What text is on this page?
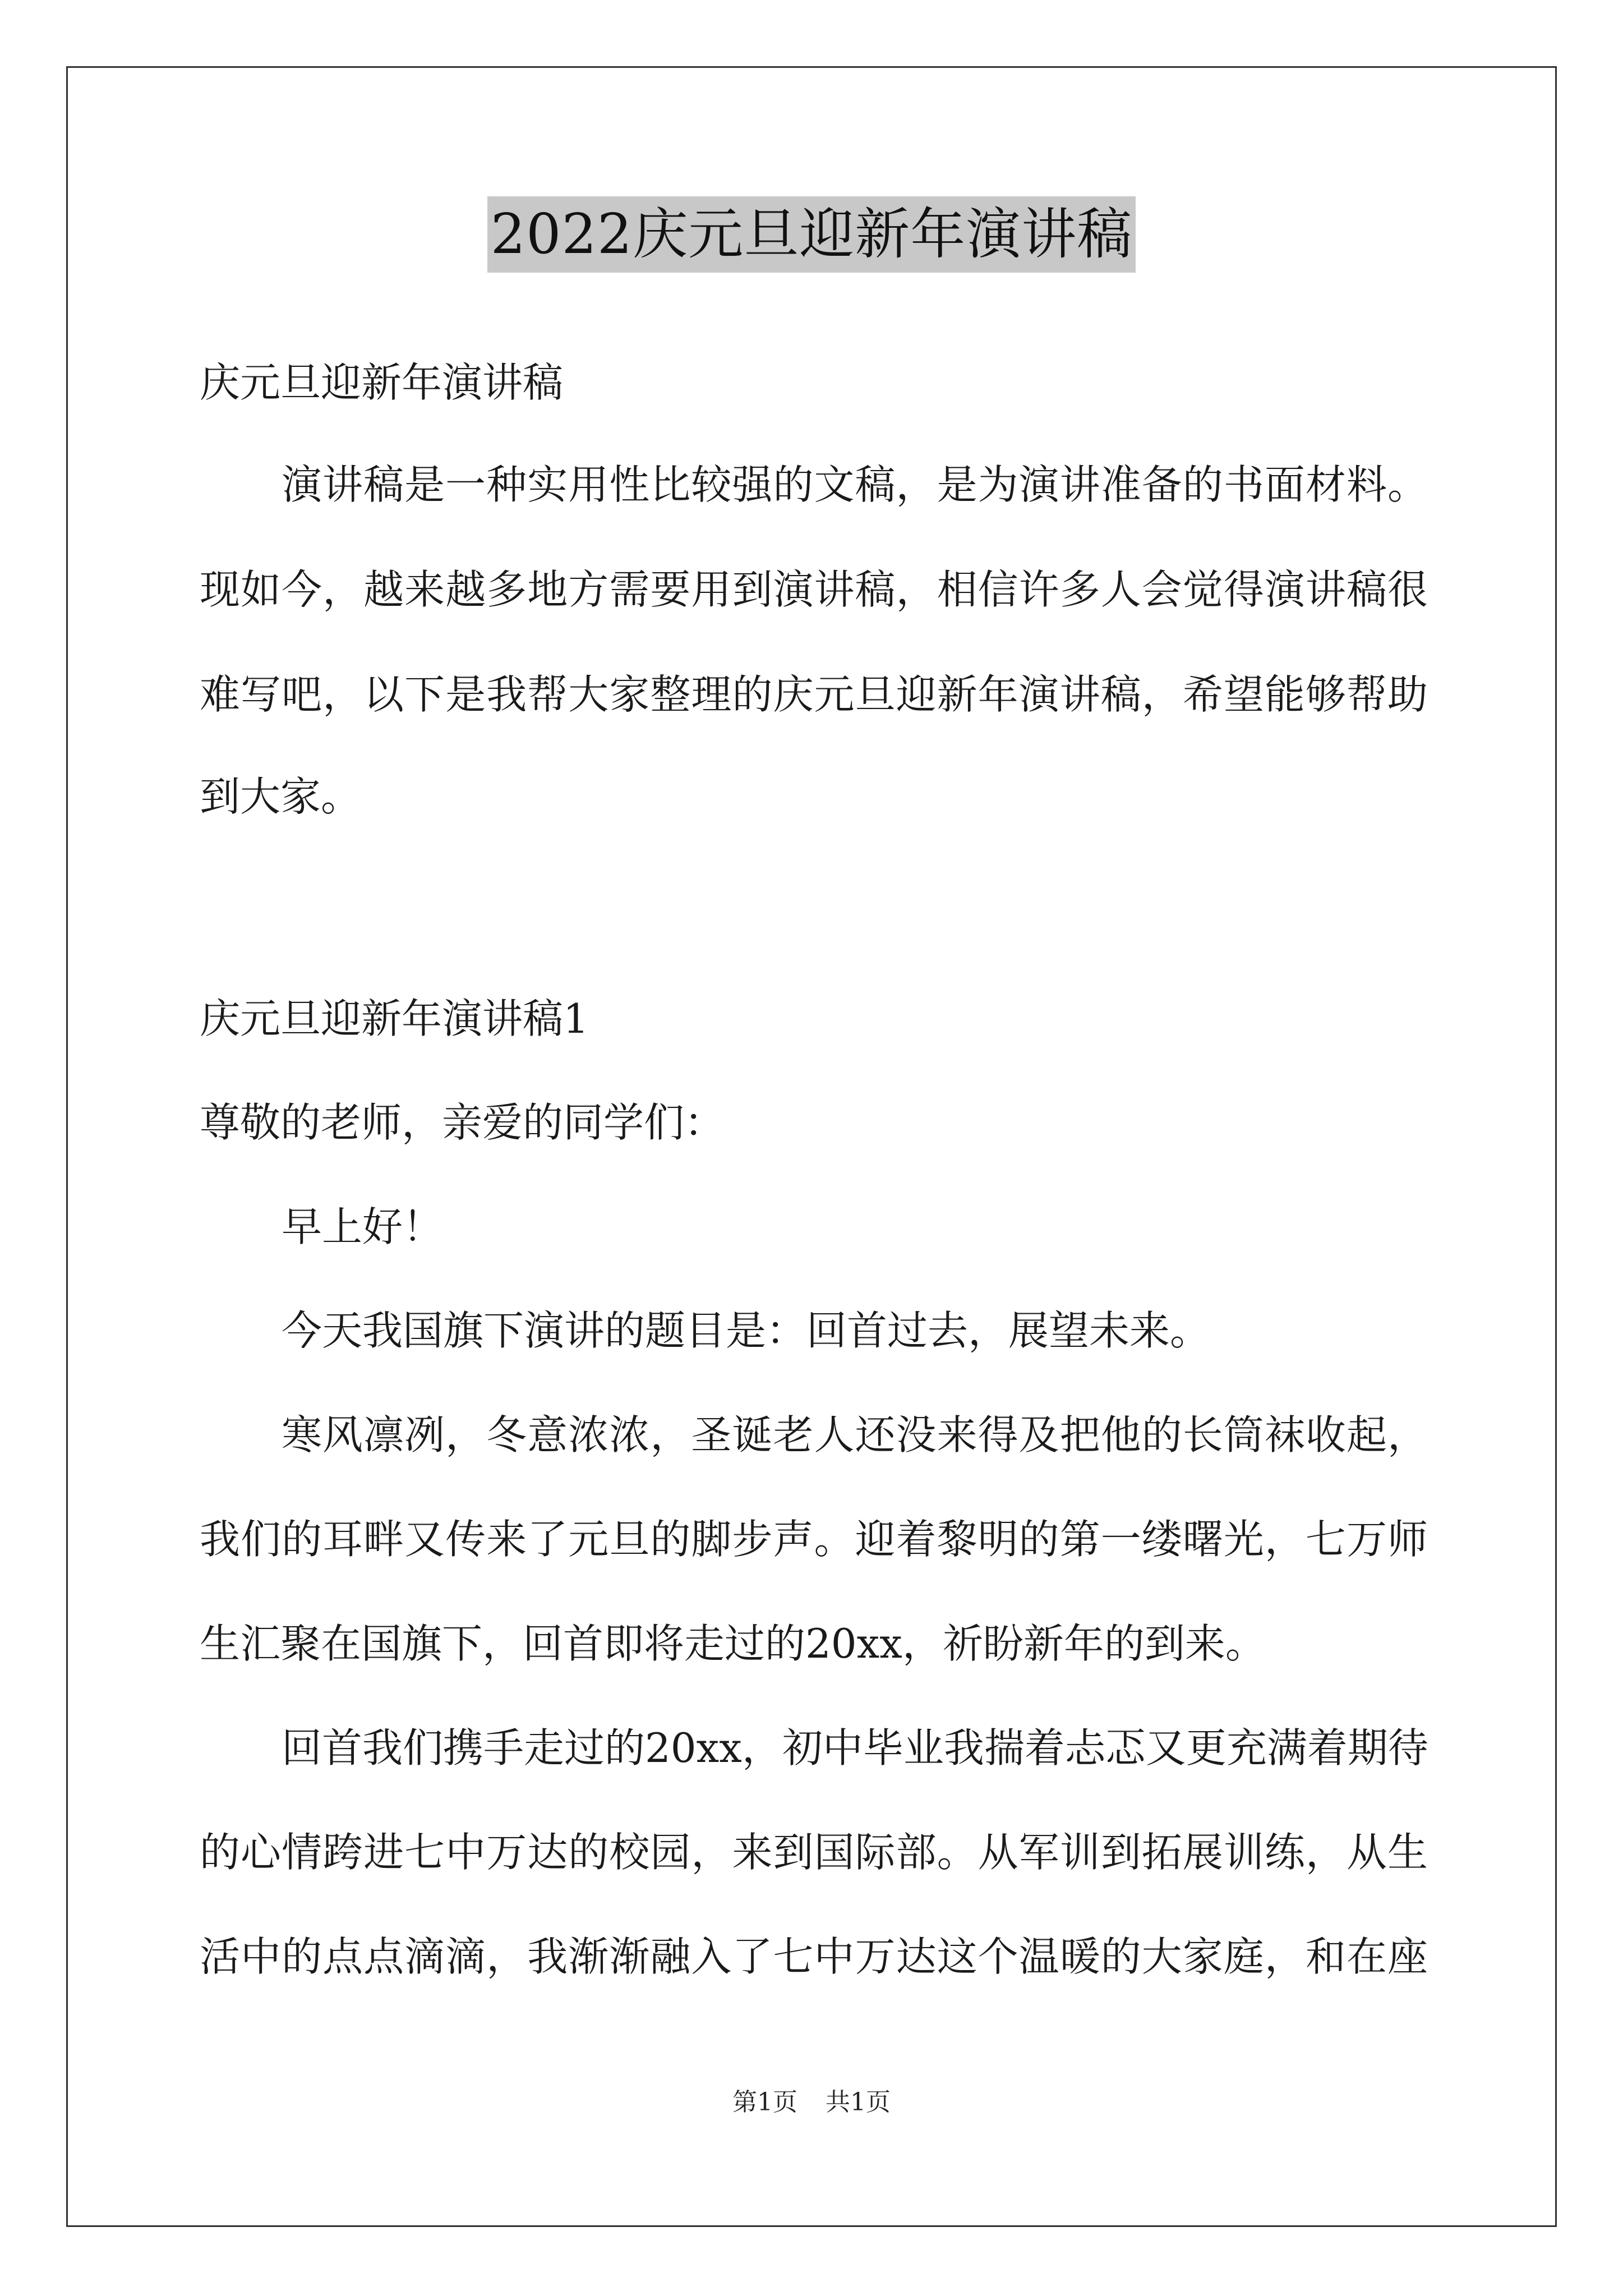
2022庆元旦迎新年演讲稿
庆元旦迎新年演讲稿
演讲稿是一种实用性比较强的文稿，是为演讲准备的书面材料。
现如今，越来越多地方需要用到演讲稿，相信许多人会觉得演讲稿很
难写吧，以下是我帮大家整理的庆元旦迎新年演讲稿，希望能够帮助
到大家。
庆元旦迎新年演讲稿1
尊敬的老师，亲爱的同学们：
早上好！
今天我国旗下演讲的题目是：回首过去，展望未来。
寒风凛冽，冬意浓浓，圣诞老人还没来得及把他的长筒袜收起，
我们的耳畔又传来了元旦的脚步声。迎着黎明的第一缕曙光，七万师
生汇聚在国旗下，回首即将走过的20xx，祈盼新年的到来。
回首我们携手走过的20xx，初中毕业我揣着忐忑又更充满着期待
的心情跨进七中万达的校园，来到国际部。从军训到拓展训练，从生
活中的点点滴滴，我渐渐融入了七中万达这个温暖的大家庭，和在座
第1页 共1页
